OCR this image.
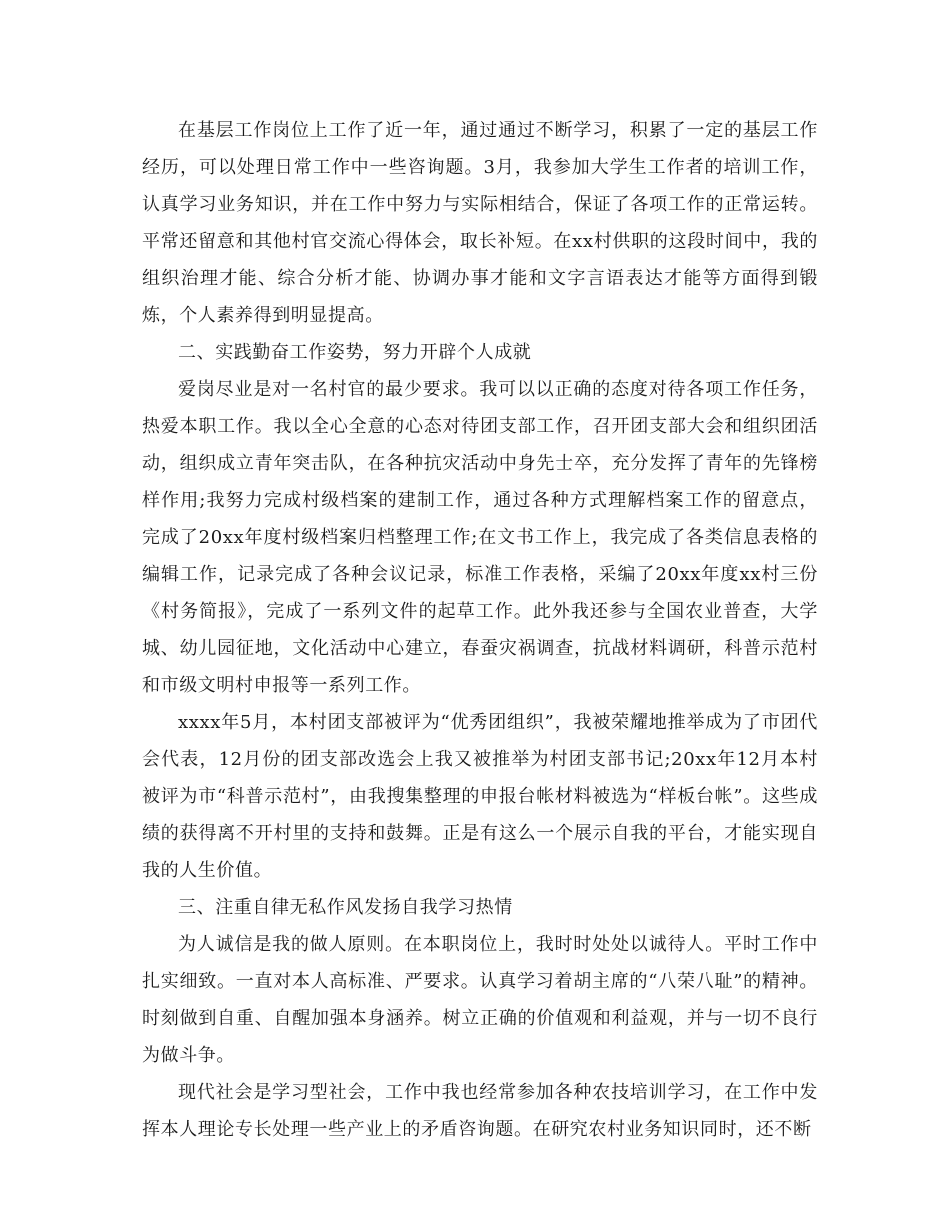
在基层工作岗位上工作了近一年，通过通过不断学习，积累了一定的基层工作经历，可以处理日常工作中一些咨询题。3月，我参加大学生工作者的培训工作，认真学习业务知识，并在工作中努力与实际相结合，保证了各项工作的正常运转。平常还留意和其他村官交流心得体会，取长补短。在xx村供职的这段时间中，我的组织治理才能、综合分析才能、协调办事才能和文字言语表达才能等方面得到锻炼，个人素养得到明显提高。

二、实践勤奋工作姿势，努力开辟个人成就

爱岗尽业是对一名村官的最少要求。我可以以正确的态度对待各项工作任务，热爱本职工作。我以全心全意的心态对待团支部工作，召开团支部大会和组织团活动，组织成立青年突击队，在各种抗灾活动中身先士卒，充分发挥了青年的先锋榜样作用;我努力完成村级档案的建制工作，通过各种方式理解档案工作的留意点，完成了20xx年度村级档案归档整理工作;在文书工作上，我完成了各类信息表格的编辑工作，记录完成了各种会议记录，标准工作表格，采编了20xx年度xx村三份《村务简报》，完成了一系列文件的起草工作。此外我还参与全国农业普查，大学城、幼儿园征地，文化活动中心建立，春蚕灾祸调查，抗战材料调研，科普示范村和市级文明村申报等一系列工作。

xxxx年5月，本村团支部被评为“优秀团组织”，我被荣耀地推举成为了市团代会代表，12月份的团支部改选会上我又被推举为村团支部书记;20xx年12月本村被评为市“科普示范村”，由我搜集整理的申报台帐材料被选为“样板台帐”。这些成绩的获得离不开村里的支持和鼓舞。正是有这么一个展示自我的平台，才能实现自我的人生价值。

三、注重自律无私作风发扬自我学习热情

为人诚信是我的做人原则。在本职岗位上，我时时处处以诚待人。平时工作中扎实细致。一直对本人高标准、严要求。认真学习着胡主席的“八荣八耻”的精神。时刻做到自重、自醒加强本身涵养。树立正确的价值观和利益观，并与一切不良行为做斗争。

现代社会是学习型社会，工作中我也经常参加各种农技培训学习，在工作中发挥本人理论专长处理一些产业上的矛盾咨询题。在研究农村业务知识同时，还不断
